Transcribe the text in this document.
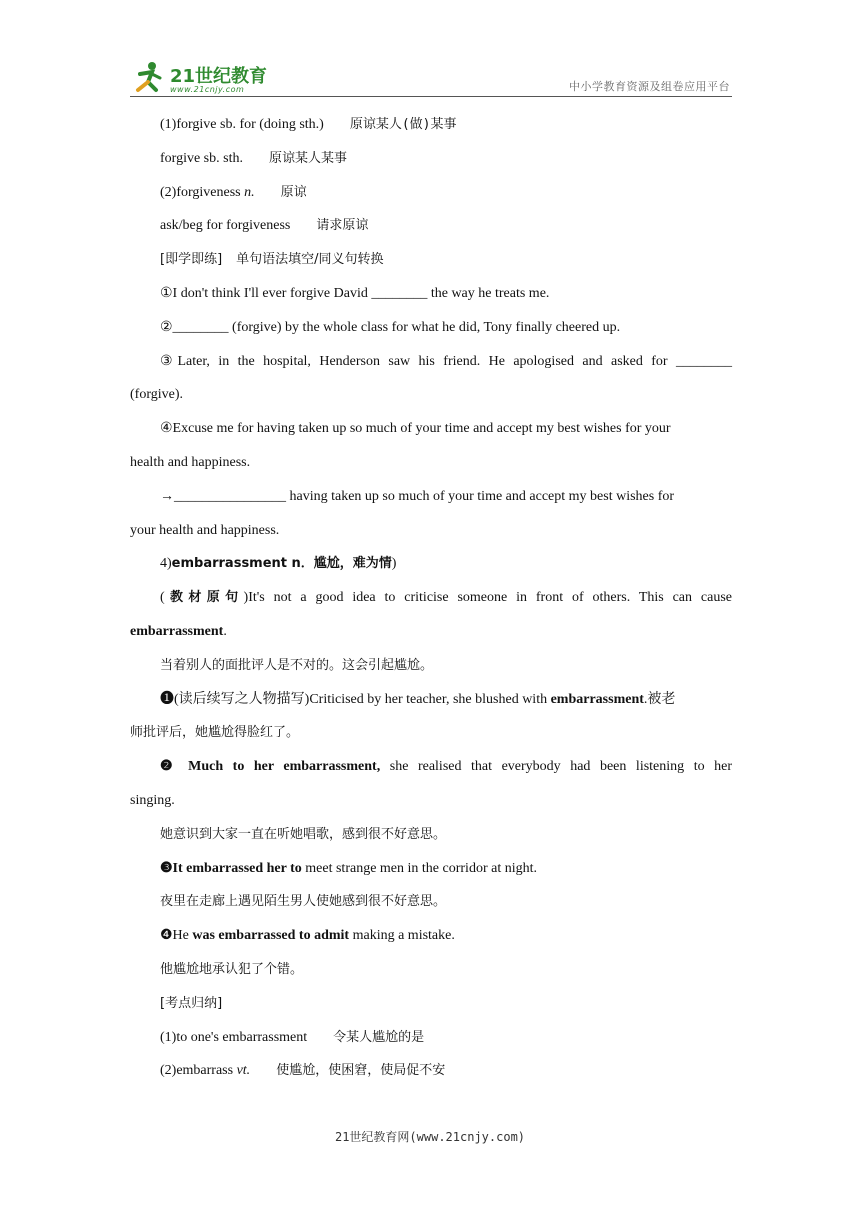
21世纪教育
www.21cnjy.com	中小学教育资源及组卷应用平台
(1)forgive sb. for (doing sth.) 原谅某人(做)某事
forgive sb. sth. 原谅某人某事
(2)forgiveness n. 原谅
ask/beg for forgiveness 请求原谅
[即学即练] 单句语法填空/同义句转换
①I don't think I'll ever forgive David ________ the way he treats me.
②________ (forgive) by the whole class for what he did, Tony finally cheered up.
③Later, in the hospital, Henderson saw his friend. He apologised and asked for ________
(forgive).
④Excuse me for having taken up so much of your time and accept my best wishes for your
health and happiness.
→________________ having taken up so much of your time and accept my best wishes for
your health and happiness.
4)embarrassment n．尴尬，难为情)
(教材原句)It's not a good idea to criticise someone in front of others. This can cause
embarrassment.
当着别人的面批评人是不对的。这会引起尴尬。
❶(读后续写之人物描写)Criticised by her teacher, she blushed with embarrassment.被老
师批评后，她尴尬得脸红了。
❷ Much to her embarrassment, she realised that everybody had been listening to her
singing.
她意识到大家一直在听她唱歌，感到很不好意思。
❸It embarrassed her to meet strange men in the corridor at night.
夜里在走廊上遇见陌生男人使她感到很不好意思。
❹He was embarrassed to admit making a mistake.
他尴尬地承认犯了个错。
[考点归纳]
(1)to one's embarrassment 令某人尴尬的是
(2)embarrass vt. 使尴尬，使困窘，使局促不安
21世纪教育网(www.21cnjy.com)
